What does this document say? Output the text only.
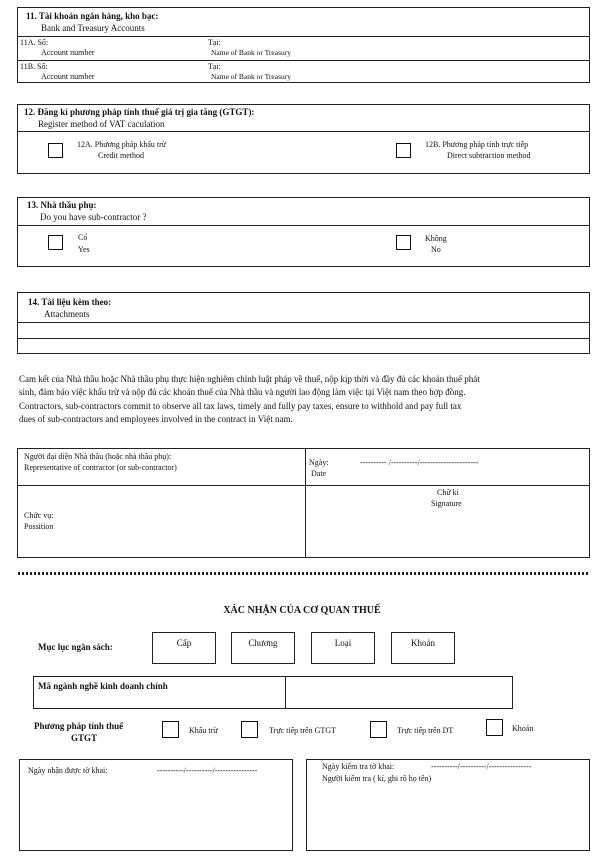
11. Tài khoản ngân hàng, kho bạc:
Bank and Treasury Accounts
11A. Số:
Account number
Tại:
Name of Bank or Treasury
11B. Số:
Account number
Tại:
Name of Bank or Treasury
12. Đăng kí phương pháp tính thuế giá trị gia tăng (GTGT):
Register method of VAT caculation
12A. Phương pháp khấu trừ
Credit method
12B. Phương pháp tính trực tiếp
Direct subtraction method
13. Nhà thầu phụ:
Do you have sub-contractor ?
Có
Yes
Không
No
14. Tài liệu kèm theo:
Attachments
Cam kết của Nhà thầu hoặc Nhà thầu phụ thực hiện nghiêm chỉnh luật pháp về thuế, nộp kịp thời và đầy đủ các khoản thuế phát
sinh, đảm bảo việc khấu trừ và nộp đủ các khoản thuế của Nhà thầu và người lao động làm việc tại Việt nam theo hợp đồng.
Contractors, sub-contractors commit to observe all tax laws, timely and fully pay taxes, ensure to withhold and pay full tax
dues of sub-contractors and employees involved in the contract in Việt nam.
Người đại diện Nhà thầu (hoặc nhà thầu phụ):
Representative of contractor (or sub-contractor)
Ngày:
Date
---------- /----------/----------------------
Chức vụ:
Possition
Chữ kí
Signature
XÁC NHẬN CỦA CƠ QUAN THUẾ
Mục lục ngân sách:	Cấp	Chương	Loại	Khoản
Mã ngành nghề kinh doanh chính
Phương pháp tính thuế
GTGT
Khấu trừ	Trực tiếp trên GTGT	Trực tiếp trên DT	Khoán
Ngày nhận được tờ khai:	----------/----------/----------------	Ngày kiểm tra tờ khai:	----------/----------/----------------
Người kiểm tra ( kí, ghi rõ họ tên)
